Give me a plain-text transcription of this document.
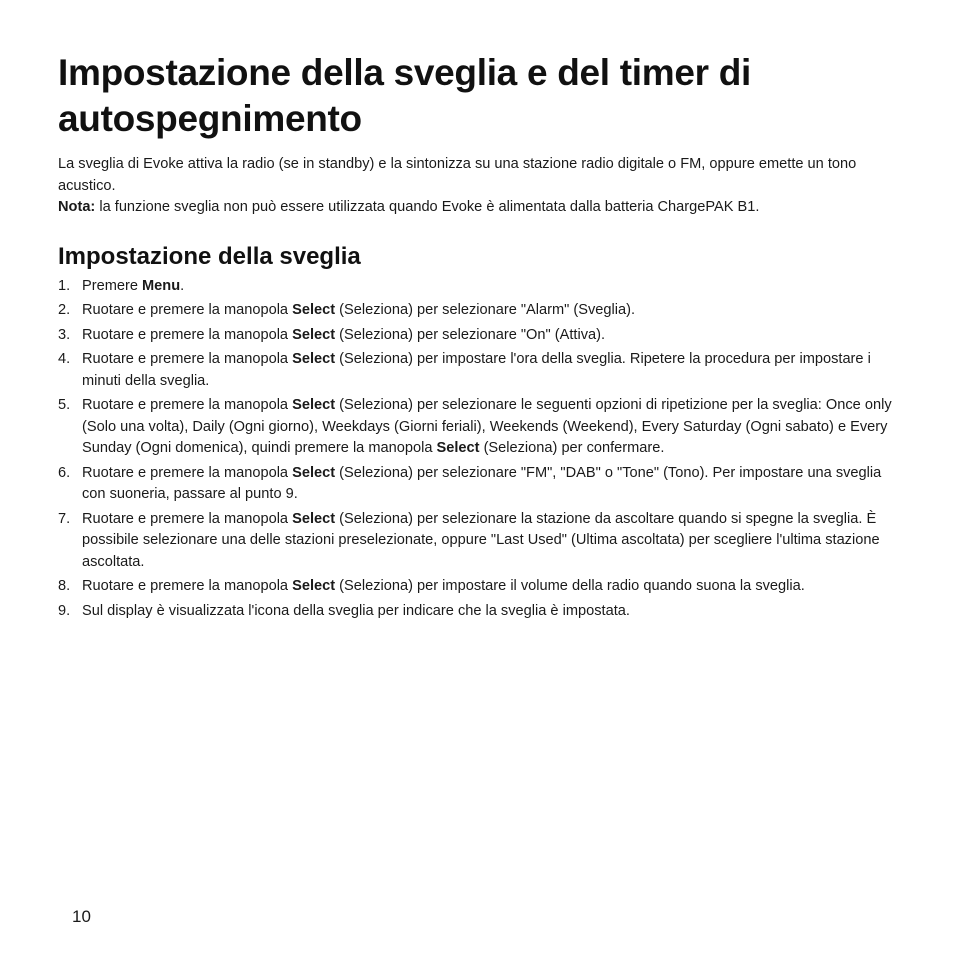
Impostazione della sveglia e del timer di autospegnimento

La sveglia di Evoke attiva la radio (se in standby) e la sintonizza su una stazione radio digitale o FM, oppure emette un tono acustico.

Nota: la funzione sveglia non può essere utilizzata quando Evoke è alimentata dalla batteria ChargePAK B1.

Impostazione della sveglia
1. Premere Menu.
2. Ruotare e premere la manopola Select (Seleziona) per selezionare "Alarm" (Sveglia).
3. Ruotare e premere la manopola Select (Seleziona) per selezionare "On" (Attiva).
4. Ruotare e premere la manopola Select (Seleziona) per impostare l'ora della sveglia. Ripetere la procedura per impostare i minuti della sveglia.
5. Ruotare e premere la manopola Select (Seleziona) per selezionare le seguenti opzioni di ripetizione per la sveglia: Once only (Solo una volta), Daily (Ogni giorno), Weekdays (Giorni feriali), Weekends (Weekend), Every Saturday (Ogni sabato) e Every Sunday (Ogni domenica), quindi premere la manopola Select (Seleziona) per confermare.
6. Ruotare e premere la manopola Select (Seleziona) per selezionare "FM", "DAB" o "Tone" (Tono). Per impostare una sveglia con suoneria, passare al punto 9.
7. Ruotare e premere la manopola Select (Seleziona) per selezionare la stazione da ascoltare quando si spegne la sveglia. È possibile selezionare una delle stazioni preselezionate, oppure "Last Used" (Ultima ascoltata) per scegliere l'ultima stazione ascoltata.
8. Ruotare e premere la manopola Select (Seleziona) per impostare il volume della radio quando suona la sveglia.
9. Sul display è visualizzata l'icona della sveglia per indicare che la sveglia è impostata.
10
